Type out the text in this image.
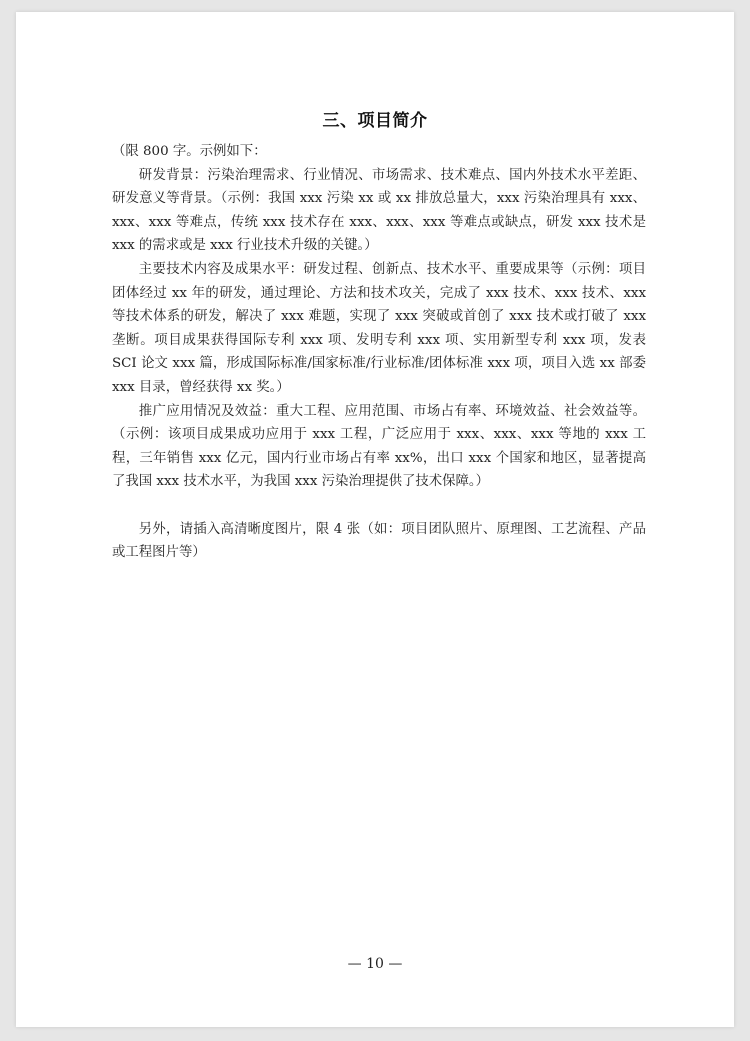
三、项目简介

（限 800 字。示例如下：

研发背景：污染治理需求、行业情况、市场需求、技术难点、国内外技术水平差距、研发意义等背景。（示例：我国 xxx 污染 xx 或 xx 排放总量大，xxx 污染治理具有 xxx、xxx、xxx 等难点，传统 xxx 技术存在 xxx、xxx、xxx 等难点或缺点，研发 xxx 技术是 xxx 的需求或是 xxx 行业技术升级的关键。）

主要技术内容及成果水平：研发过程、创新点、技术水平、重要成果等（示例：项目团体经过 xx 年的研发，通过理论、方法和技术攻关，完成了 xxx 技术、xxx 技术、xxx 等技术体系的研发，解决了 xxx 难题，实现了 xxx 突破或首创了 xxx 技术或打破了 xxx 垄断。项目成果获得国际专利 xxx 项、发明专利 xxx 项、实用新型专利 xxx 项，发表 SCI 论文 xxx 篇，形成国际标准/国家标准/行业标准/团体标准 xxx 项，项目入选 xx 部委 xxx 目录，曾经获得 xx 奖。）

推广应用情况及效益：重大工程、应用范围、市场占有率、环境效益、社会效益等。（示例：该项目成果成功应用于 xxx 工程，广泛应用于 xxx、xxx、xxx 等地的 xxx 工程，三年销售 xxx 亿元，国内行业市场占有率 xx%，出口 xxx 个国家和地区，显著提高了我国 xxx 技术水平，为我国 xxx 污染治理提供了技术保障。）

另外，请插入高清晰度图片，限 4 张（如：项目团队照片、原理图、工艺流程、产品或工程图片等）

— 10 —
